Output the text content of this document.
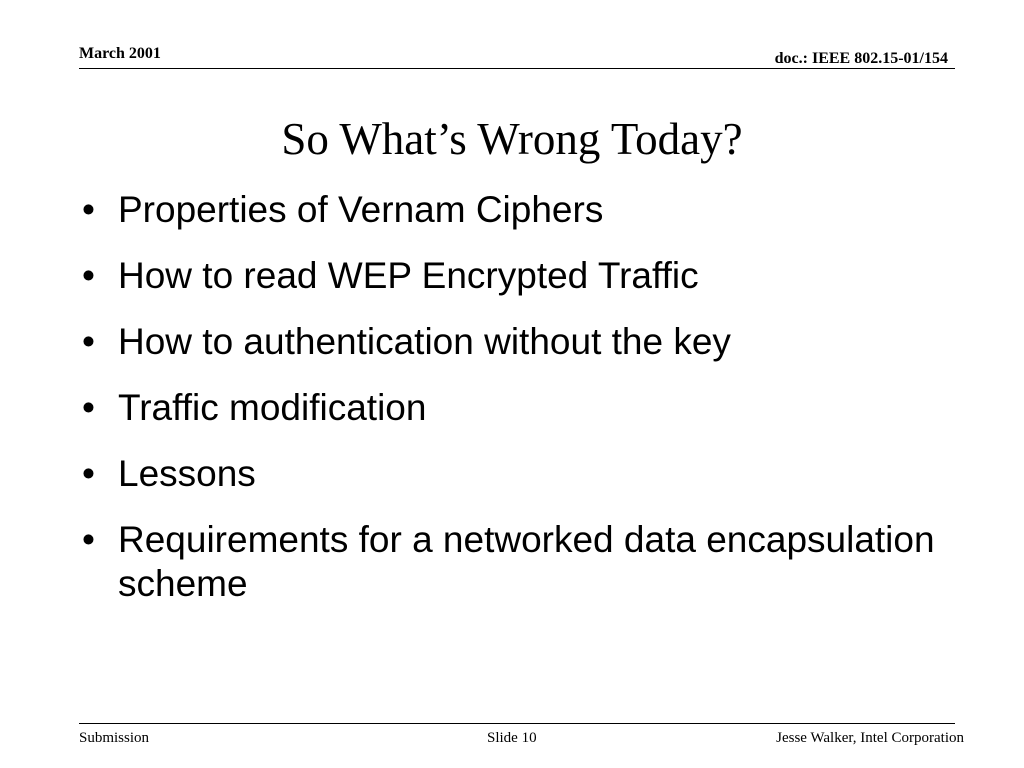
March 2001	doc.: IEEE 802.15-01/154
So What’s Wrong Today?
• Properties of Vernam Ciphers
• How to read WEP Encrypted Traffic
• How to authentication without the key
• Traffic modification
• Lessons
• Requirements for a networked data encapsulation scheme
Submission	Slide 10	Jesse Walker, Intel Corporation
